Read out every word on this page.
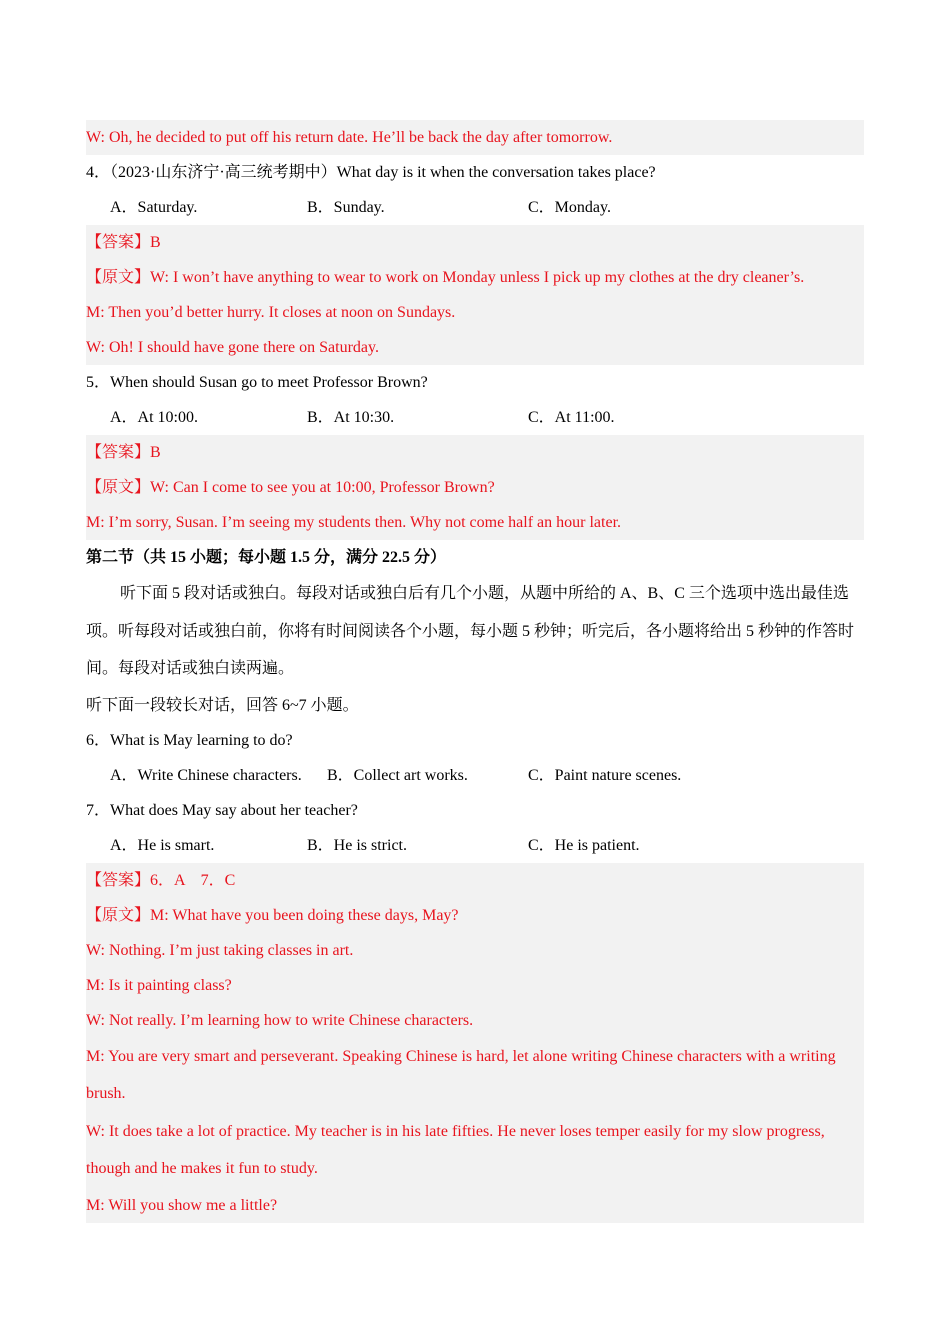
W: Oh, he decided to put off his return date. He’ll be back the day after tomorrow.
4．（2023·山东济宁·高三统考期中）What day is it when the conversation takes place?
A．Saturday.	B．Sunday.	C．Monday.
【答案】B
【原文】W: I won’t have anything to wear to work on Monday unless I pick up my clothes at the dry cleaner’s.
M: Then you’d better hurry. It closes at noon on Sundays.
W: Oh! I should have gone there on Saturday.
5．When should Susan go to meet Professor Brown?
A．At 10:00.	B．At 10:30.	C．At 11:00.
【答案】B
【原文】W: Can I come to see you at 10:00, Professor Brown?
M: I’m sorry, Susan. I’m seeing my students then. Why not come half an hour later.
第二节（共 15 小题；每小题 1.5 分，满分 22.5 分）
听下面 5 段对话或独白。每段对话或独白后有几个小题，从题中所给的 A、B、C 三个选项中选出最佳选项。听每段对话或独白前，你将有时间阅读各个小题，每小题 5 秒钟；听完后，各小题将给出 5 秒钟的作答时间。每段对话或独白读两遍。
听下面一段较长对话，回答 6~7 小题。
6．What is May learning to do?
A．Write Chinese characters.	B．Collect art works.	C．Paint nature scenes.
7．What does May say about her teacher?
A．He is smart.	B．He is strict.	C．He is patient.
【答案】6．A　7．C
【原文】M: What have you been doing these days, May?
W: Nothing. I’m just taking classes in art.
M: Is it painting class?
W: Not really. I’m learning how to write Chinese characters.
M: You are very smart and perseverant. Speaking Chinese is hard, let alone writing Chinese characters with a writing brush.
W: It does take a lot of practice. My teacher is in his late fifties. He never loses temper easily for my slow progress, though and he makes it fun to study.
M: Will you show me a little?
